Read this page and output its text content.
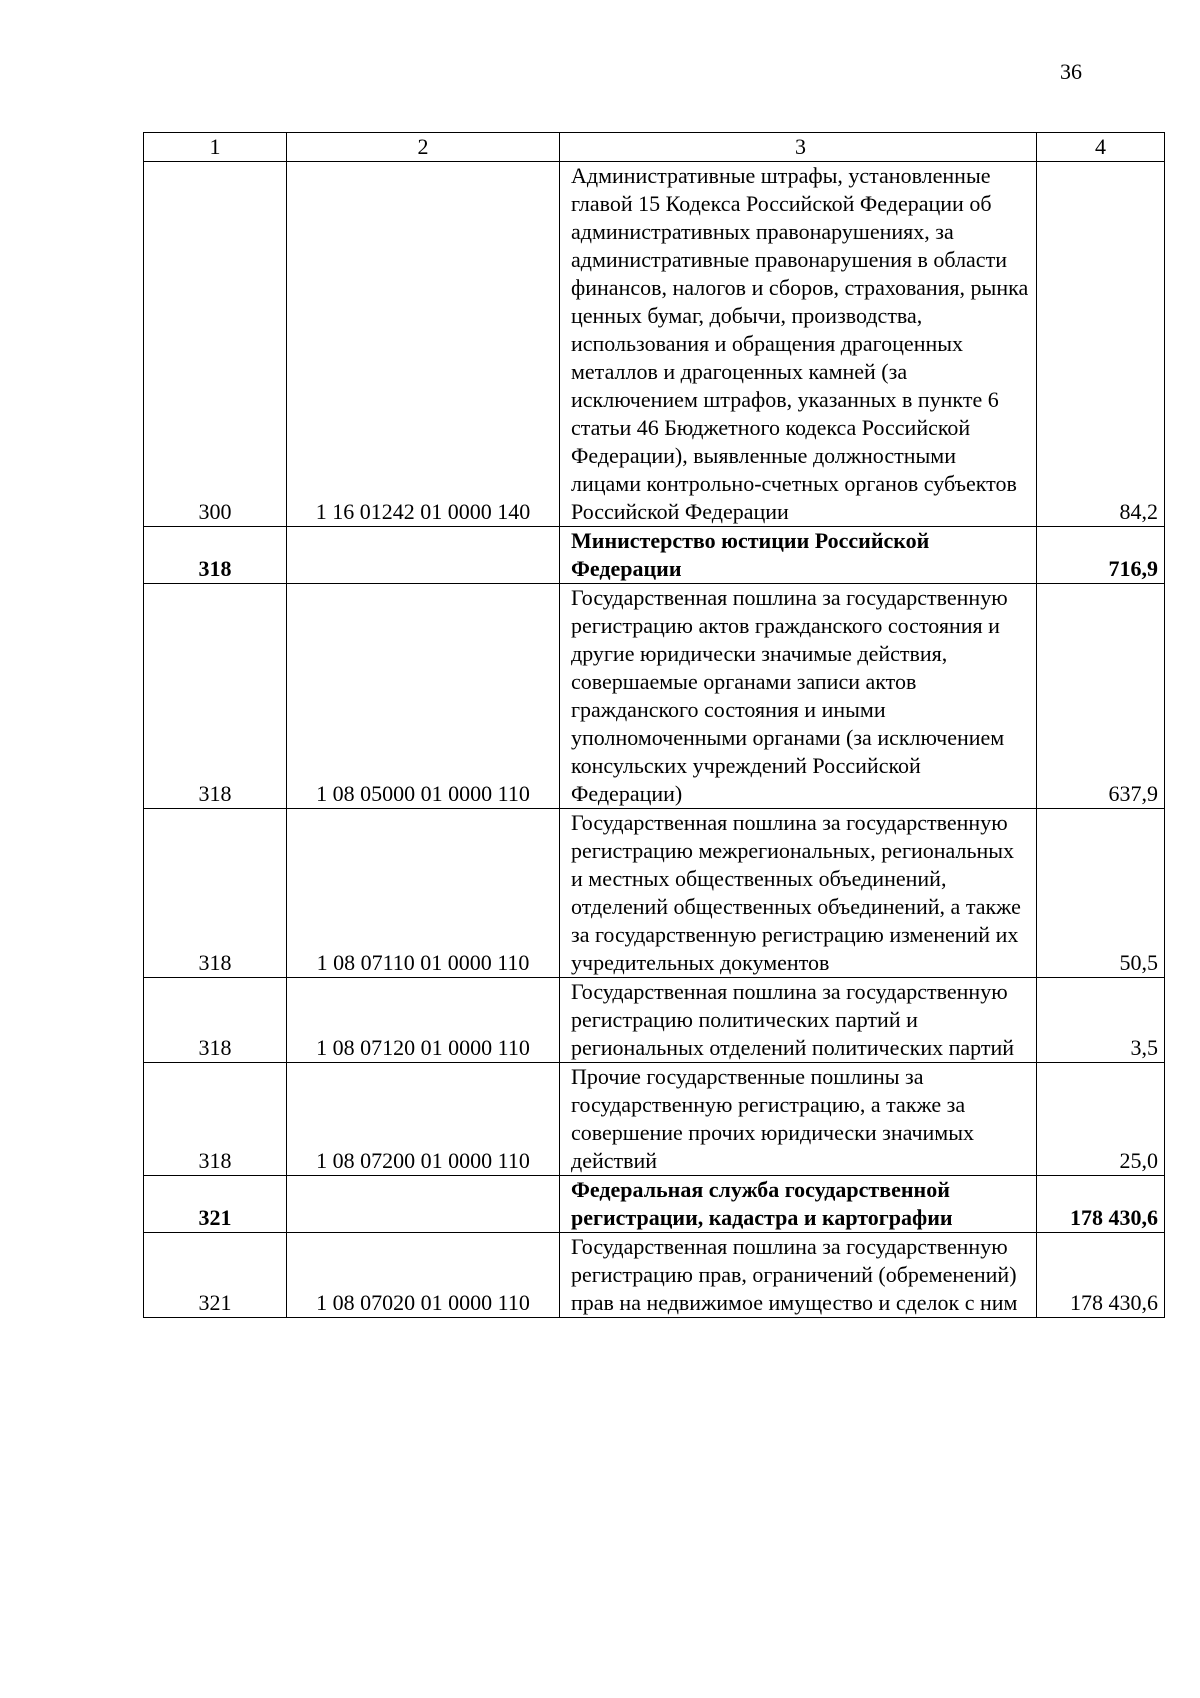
36
1	2	3	4
300	1 16 01242 01 0000 140	Административные штрафы, установленные главой 15 Кодекса Российской Федерации об административных правонарушениях, за административные правонарушения в области финансов, налогов и сборов, страхования, рынка ценных бумаг, добычи, производства, использования и обращения драгоценных металлов и драгоценных камней (за исключением штрафов, указанных в пункте 6 статьи 46 Бюджетного кодекса Российской Федерации), выявленные должностными лицами контрольно-счетных органов субъектов Российской Федерации	84,2
318		Министерство юстиции Российской Федерации	716,9
318	1 08 05000 01 0000 110	Государственная пошлина за государственную регистрацию актов гражданского состояния и другие юридически значимые действия, совершаемые органами записи актов гражданского состояния и иными уполномоченными органами (за исключением консульских учреждений Российской Федерации)	637,9
318	1 08 07110 01 0000 110	Государственная пошлина за государственную регистрацию межрегиональных, региональных и местных общественных объединений, отделений общественных объединений, а также за государственную регистрацию изменений их учредительных документов	50,5
318	1 08 07120 01 0000 110	Государственная пошлина за государственную регистрацию политических партий и региональных отделений политических партий	3,5
318	1 08 07200 01 0000 110	Прочие государственные пошлины за государственную регистрацию, а также за совершение прочих юридически значимых действий	25,0
321		Федеральная служба государственной регистрации, кадастра и картографии	178 430,6
321	1 08 07020 01 0000 110	Государственная пошлина за государственную регистрацию прав, ограничений (обременений) прав на недвижимое имущество и сделок с ним	178 430,6
